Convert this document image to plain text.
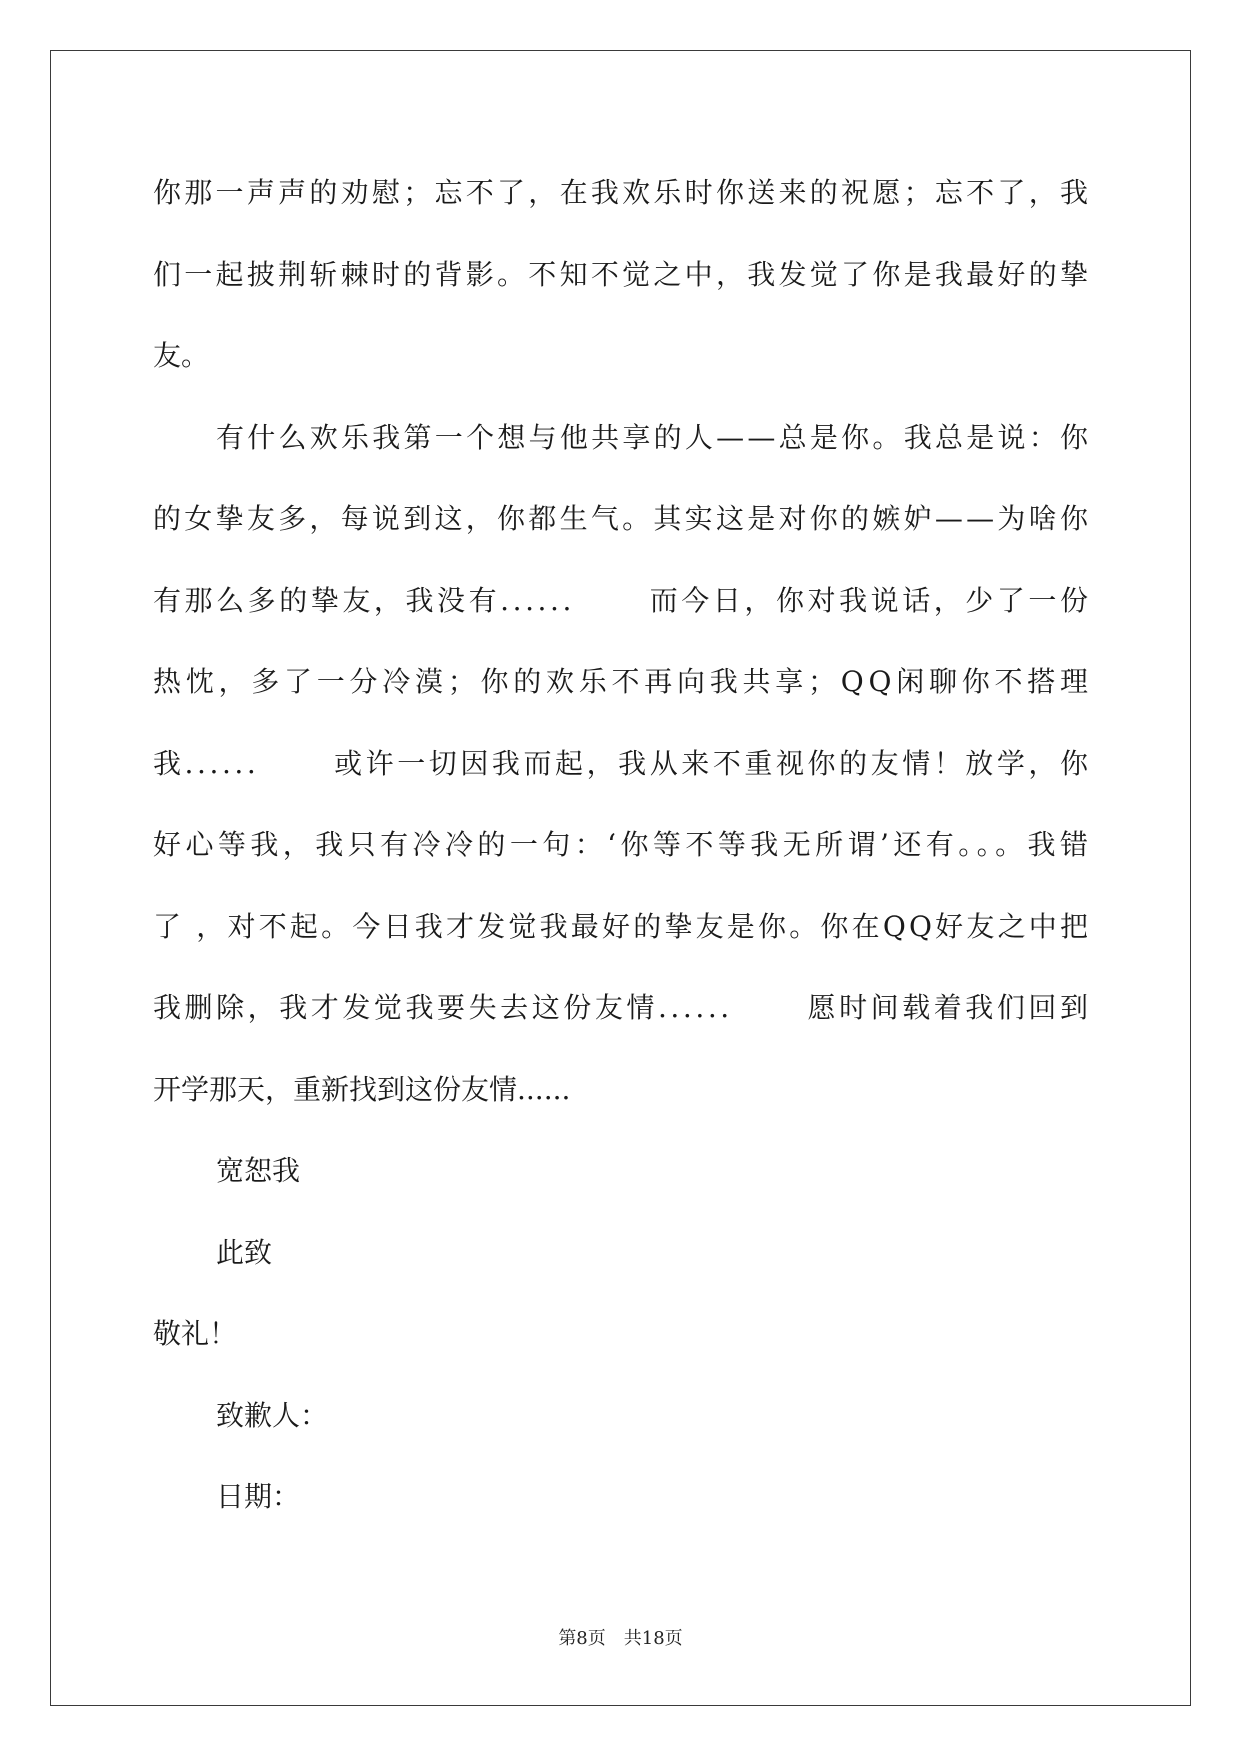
你那一声声的劝慰；忘不了，在我欢乐时你送来的祝愿；忘不了，我
们一起披荆斩棘时的背影。不知不觉之中，我发觉了你是我最好的挚
友。
有什么欢乐我第一个想与他共享的人——总是你。我总是说：你
的女挚友多，每说到这，你都生气。其实这是对你的嫉妒——为啥你
有那么多的挚友，我没有......      而今日，你对我说话，少了一份
热忱，多了一分冷漠；你的欢乐不再向我共享；QQ闲聊你不搭理
我......      或许一切因我而起，我从来不重视你的友情！放学，你
好心等我，我只有冷冷的一句：‘你等不等我无所谓’还有。。。我错
了 ，对不起。今日我才发觉我最好的挚友是你。你在QQ好友之中把
我删除，我才发觉我要失去这份友情......      愿时间载着我们回到
开学那天，重新找到这份友情......
宽恕我
此致
敬礼！
致歉人：
日期：
第8页 共18页
